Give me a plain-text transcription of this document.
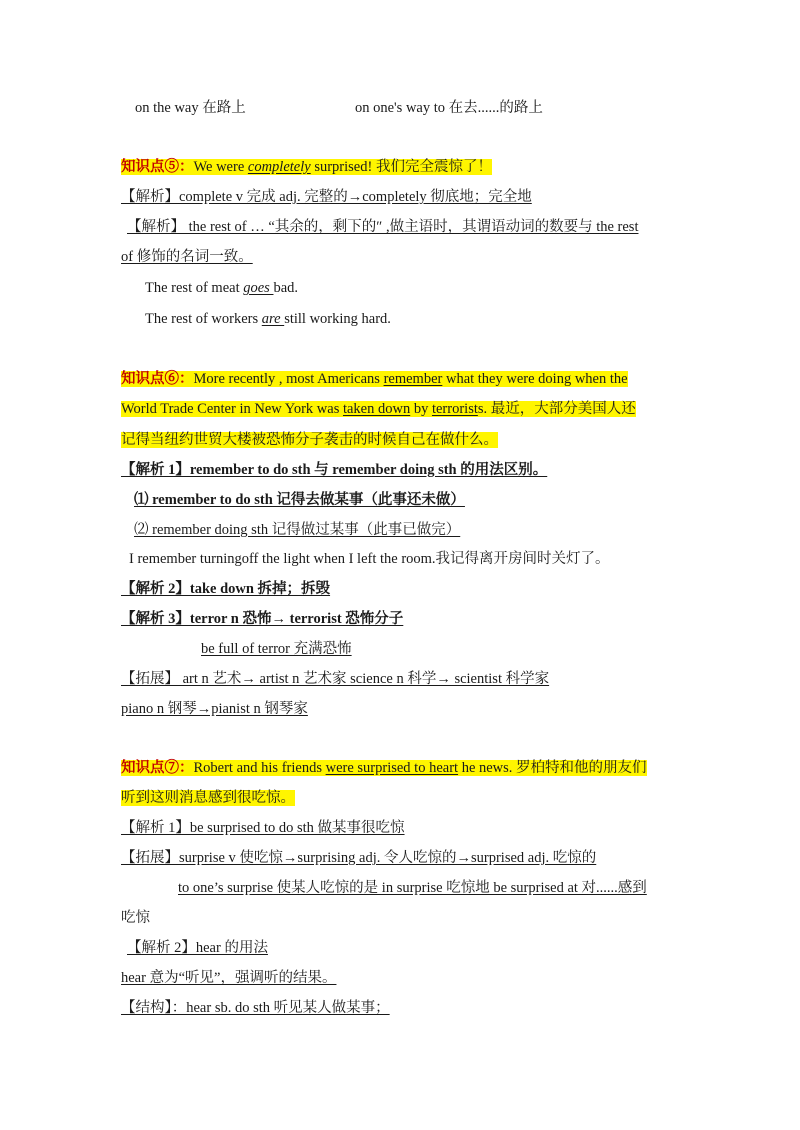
on the way 在路上	on one's way to 在去......的路上
知识点⑤：We were completely surprised! 我们完全震惊了！
【解析】complete v 完成 adj. 完整的→completely 彻底地；完全地
【解析】 the rest of … “其余的，剩下的″ ,做主语时，其谓语动词的数要与 the rest
of 修饰的名词一致。
The rest of meat goes bad.
The rest of workers are still working hard.
知识点⑥：More recently , most Americans remember what they were doing when the
World Trade Center in New York was taken down by terrorists. 最近，大部分美国人还
记得当纽约世贸大楼被恐怖分子袭击的时候自己在做什么。
【解析 1】remember to do sth 与 remember doing sth 的用法区别。
⑴ remember to do sth 记得去做某事（此事还未做）
⑵ remember doing sth 记得做过某事（此事已做完）
I remember turningoff the light when I left the room.我记得离开房间时关灯了。
【解析 2】take down 拆掉；拆毁
【解析 3】terror n 恐怖→ terrorist 恐怖分子
be full of terror 充满恐怖
【拓展】 art n 艺术→ artist n 艺术家 science n 科学→ scientist 科学家
piano n 钢琴→pianist n 钢琴家
知识点⑦：Robert and his friends were surprised to heart he news. 罗柏特和他的朋友们
听到这则消息感到很吃惊。
【解析 1】be surprised to do sth 做某事很吃惊
【拓展】surprise v 使吃惊→surprising adj. 令人吃惊的→surprised adj. 吃惊的
to one’s surprise 使某人吃惊的是 in surprise 吃惊地 be surprised at 对......感到
吃惊
【解析 2】hear 的用法
hear 意为“听见”，强调听的结果。
【结构】：hear sb. do sth 听见某人做某事；
